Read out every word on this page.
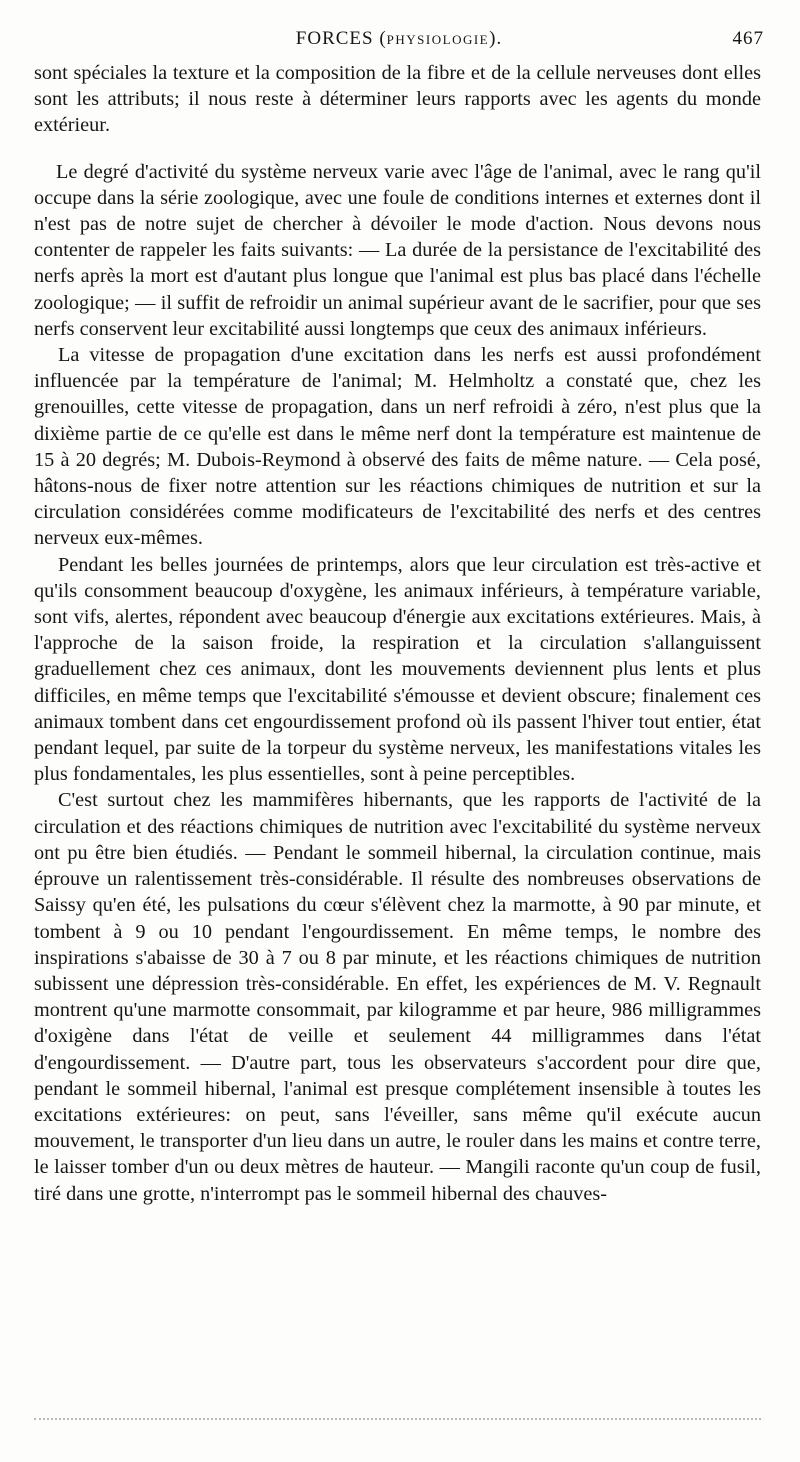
FORCES (PHYSIOLOGIE).	467

sont spéciales la texture et la composition de la fibre et de la cellule nerveuses dont elles sont les attributs; il nous reste à déterminer leurs rapports avec les agents du monde extérieur.

Le degré d'activité du système nerveux varie avec l'âge de l'animal, avec le rang qu'il occupe dans la série zoologique, avec une foule de conditions internes et externes dont il n'est pas de notre sujet de chercher à dévoiler le mode d'action. Nous devons nous contenter de rappeler les faits suivants: — La durée de la persistance de l'excitabilité des nerfs après la mort est d'autant plus longue que l'animal est plus bas placé dans l'échelle zoologique; — il suffit de refroidir un animal supérieur avant de le sacrifier, pour que ses nerfs conservent leur excitabilité aussi longtemps que ceux des animaux inférieurs.

La vitesse de propagation d'une excitation dans les nerfs est aussi profondément influencée par la température de l'animal; M. Helmholtz a constaté que, chez les grenouilles, cette vitesse de propagation, dans un nerf refroidi à zéro, n'est plus que la dixième partie de ce qu'elle est dans le même nerf dont la température est maintenue de 15 à 20 degrés; M. Dubois-Reymond à observé des faits de même nature. — Cela posé, hâtons-nous de fixer notre attention sur les réactions chimiques de nutrition et sur la circulation considérées comme modificateurs de l'excitabilité des nerfs et des centres nerveux eux-mêmes.

Pendant les belles journées de printemps, alors que leur circulation est très-active et qu'ils consomment beaucoup d'oxygène, les animaux inférieurs, à température variable, sont vifs, alertes, répondent avec beaucoup d'énergie aux excitations extérieures. Mais, à l'approche de la saison froide, la respiration et la circulation s'allanguissent graduellement chez ces animaux, dont les mouvements deviennent plus lents et plus difficiles, en même temps que l'excitabilité s'émousse et devient obscure; finalement ces animaux tombent dans cet engourdissement profond où ils passent l'hiver tout entier, état pendant lequel, par suite de la torpeur du système nerveux, les manifestations vitales les plus fondamentales, les plus essentielles, sont à peine perceptibles.

C'est surtout chez les mammifères hibernants, que les rapports de l'activité de la circulation et des réactions chimiques de nutrition avec l'excitabilité du système nerveux ont pu être bien étudiés. — Pendant le sommeil hibernal, la circulation continue, mais éprouve un ralentissement très-considérable. Il résulte des nombreuses observations de Saissy qu'en été, les pulsations du cœur s'élèvent chez la marmotte, à 90 par minute, et tombent à 9 ou 10 pendant l'engourdissement. En même temps, le nombre des inspirations s'abaisse de 30 à 7 ou 8 par minute, et les réactions chimiques de nutrition subissent une dépression très-considérable. En effet, les expériences de M. V. Regnault montrent qu'une marmotte consommait, par kilogramme et par heure, 986 milligrammes d'oxigène dans l'état de veille et seulement 44 milligrammes dans l'état d'engourdissement. — D'autre part, tous les observateurs s'accordent pour dire que, pendant le sommeil hibernal, l'animal est presque complétement insensible à toutes les excitations extérieures: on peut, sans l'éveiller, sans même qu'il exécute aucun mouvement, le transporter d'un lieu dans un autre, le rouler dans les mains et contre terre, le laisser tomber d'un ou deux mètres de hauteur. — Mangili raconte qu'un coup de fusil, tiré dans une grotte, n'interrompt pas le sommeil hibernal des chauves-
